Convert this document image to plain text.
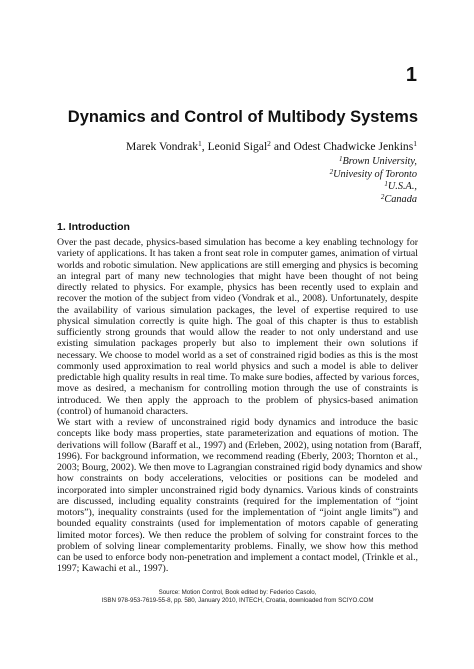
1
Dynamics and Control of Multibody Systems
Marek Vondrak$^1$, Leonid Sigal$^2$ and Odest Chadwicke Jenkins$^1$
$^1$Brown University,
$^2$Univesity of Toronto
$^1$U.S.A.,
$^2$Canada
1. Introduction
Over the past decade, physics-based simulation has become a key enabling technology for
variety of applications. It has taken a front seat role in computer games, animation of virtual
worlds and robotic simulation. New applications are still emerging and physics is becoming
an integral part of many new technologies that might have been thought of not being
directly related to physics. For example, physics has been recently used to explain and
recover the motion of the subject from video (Vondrak et al., 2008). Unfortunately, despite
the availability of various simulation packages, the level of expertise required to use
physical simulation correctly is quite high. The goal of this chapter is thus to establish
sufficiently strong grounds that would allow the reader to not only understand and use
existing simulation packages properly but also to implement their own solutions if
necessary. We choose to model world as a set of constrained rigid bodies as this is the most
commonly used approximation to real world physics and such a model is able to deliver
predictable high quality results in real time. To make sure bodies, affected by various forces,
move as desired, a mechanism for controlling motion through the use of constraints is
introduced. We then apply the approach to the problem of physics-based animation
(control) of humanoid characters.
We start with a review of unconstrained rigid body dynamics and introduce the basic
concepts like body mass properties, state parameterization and equations of motion. The
derivations will follow (Baraff et al., 1997) and (Erleben, 2002), using notation from (Baraff,
1996). For background information, we recommend reading (Eberly, 2003; Thornton et al.,
2003; Bourg, 2002). We then move to Lagrangian constrained rigid body dynamics and show
how constraints on body accelerations, velocities or positions can be modeled and
incorporated into simpler unconstrained rigid body dynamics. Various kinds of constraints
are discussed, including equality constraints (required for the implementation of “joint
motors”), inequality constraints (used for the implementation of “joint angle limits”) and
bounded equality constraints (used for implementation of motors capable of generating
limited motor forces). We then reduce the problem of solving for constraint forces to the
problem of solving linear complementarity problems. Finally, we show how this method
can be used to enforce body non-penetration and implement a contact model, (Trinkle et al.,
1997; Kawachi et al., 1997).
Source: Motion Control, Book edited by: Federico Casolo,
ISBN 978-953-7619-55-8, pp. 580, January 2010, INTECH, Croatia, downloaded from SCIYO.COM
